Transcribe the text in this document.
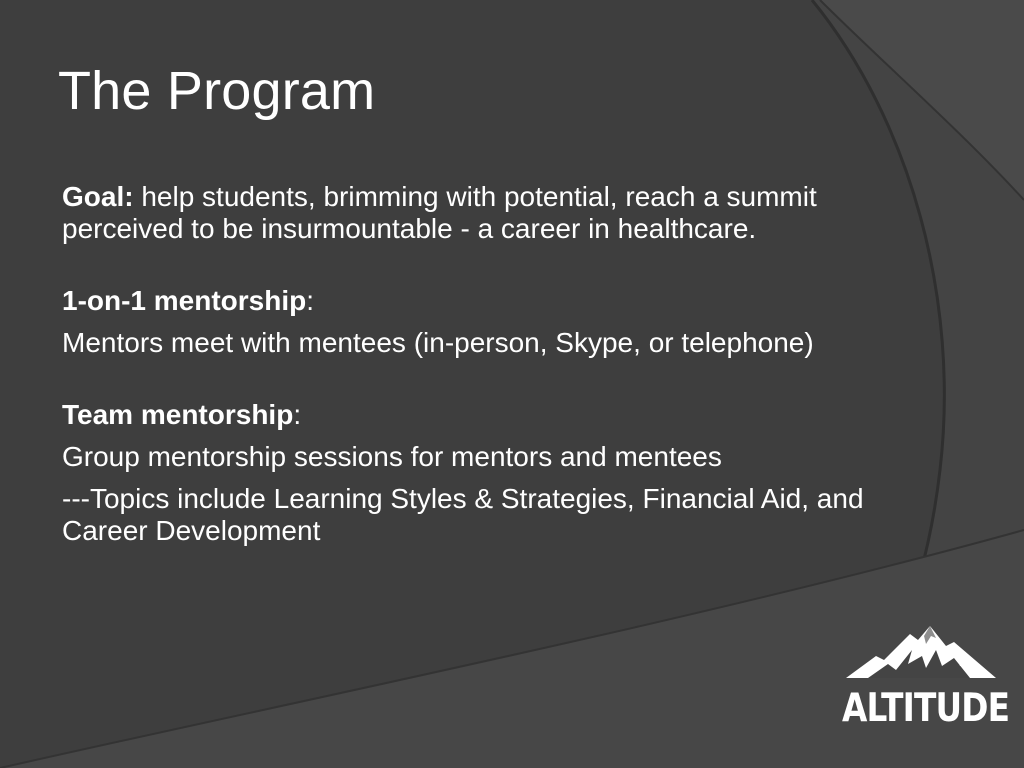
The Program

Goal: help students, brimming with potential, reach a summit perceived to be insurmountable - a career in healthcare.

1-on-1 mentorship:

Mentors meet with mentees (in-person, Skype, or telephone)

Team mentorship:

Group mentorship sessions for mentors and mentees

---Topics include Learning Styles & Strategies, Financial Aid, and Career Development

ALTITUDE
